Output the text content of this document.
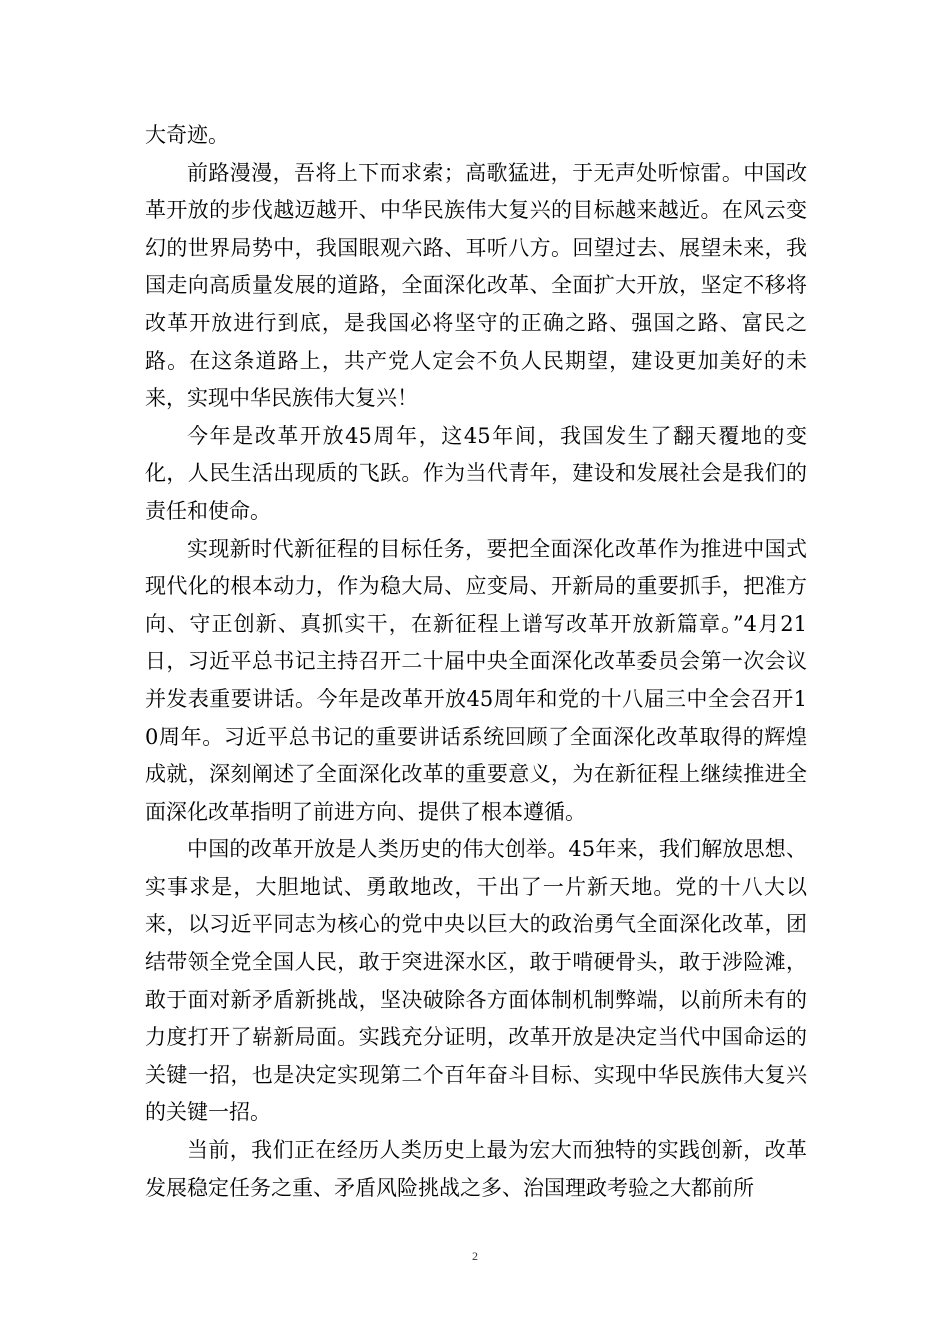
大奇迹。

前路漫漫，吾将上下而求索；高歌猛进，于无声处听惊雷。中国改革开放的步伐越迈越开、中华民族伟大复兴的目标越来越近。在风云变幻的世界局势中，我国眼观六路、耳听八方。回望过去、展望未来，我国走向高质量发展的道路，全面深化改革、全面扩大开放，坚定不移将改革开放进行到底，是我国必将坚守的正确之路、强国之路、富民之路。在这条道路上，共产党人定会不负人民期望，建设更加美好的未来，实现中华民族伟大复兴！

今年是改革开放45周年，这45年间，我国发生了翻天覆地的变化，人民生活出现质的飞跃。作为当代青年，建设和发展社会是我们的责任和使命。

实现新时代新征程的目标任务，要把全面深化改革作为推进中国式现代化的根本动力，作为稳大局、应变局、开新局的重要抓手，把准方向、守正创新、真抓实干，在新征程上谱写改革开放新篇章。”4月21日，习近平总书记主持召开二十届中央全面深化改革委员会第一次会议并发表重要讲话。今年是改革开放45周年和党的十八届三中全会召开10周年。习近平总书记的重要讲话系统回顾了全面深化改革取得的辉煌成就，深刻阐述了全面深化改革的重要意义，为在新征程上继续推进全面深化改革指明了前进方向、提供了根本遵循。

中国的改革开放是人类历史的伟大创举。45年来，我们解放思想、实事求是，大胆地试、勇敢地改，干出了一片新天地。党的十八大以来，以习近平同志为核心的党中央以巨大的政治勇气全面深化改革，团结带领全党全国人民，敢于突进深水区，敢于啃硬骨头，敢于涉险滩，敢于面对新矛盾新挑战，坚决破除各方面体制机制弊端，以前所未有的力度打开了崭新局面。实践充分证明，改革开放是决定当代中国命运的关键一招，也是决定实现第二个百年奋斗目标、实现中华民族伟大复兴的关键一招。

当前，我们正在经历人类历史上最为宏大而独特的实践创新，改革发展稳定任务之重、矛盾风险挑战之多、治国理政考验之大都前所

2
